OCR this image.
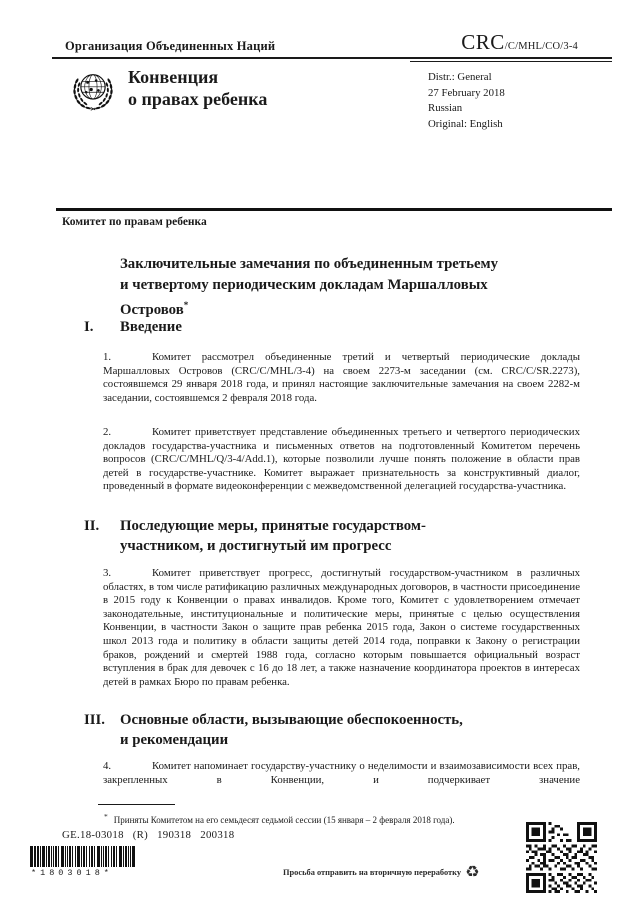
Организация Объединенных Наций	CRC/C/MHL/CO/3-4
Конвенция
о правах ребенка
Distr.: General
27 February 2018
Russian
Original: English
Комитет по правам ребенка
Заключительные замечания по объединенным третьему
и четвертому периодическим докладам Маршалловых
Островов*
I.	Введение
1.	Комитет рассмотрел объединенные третий и четвертый периодические доклады Маршалловых Островов (CRC/C/MHL/3-4) на своем 2273-м заседании (см. CRC/C/SR.2273), состоявшемся 29 января 2018 года, и принял настоящие заключительные замечания на своем 2282-м заседании, состоявшемся 2 февраля 2018 года.
2.	Комитет приветствует представление объединенных третьего и четвертого периодических докладов государства-участника и письменных ответов на подготовленный Комитетом перечень вопросов (CRC/C/MHL/Q/3-4/Add.1), которые позволили лучше понять положение в области прав детей в государстве-участнике. Комитет выражает признательность за конструктивный диалог, проведенный в формате видеоконференции с межведомственной делегацией государства-участника.
II.	Последующие меры, принятые государством-
участником, и достигнутый им прогресс
3.	Комитет приветствует прогресс, достигнутый государством-участником в различных областях, в том числе ратификацию различных международных договоров, в частности присоединение в 2015 году к Конвенции о правах инвалидов. Кроме того, Комитет с удовлетворением отмечает законодательные, институциональные и политические меры, принятые с целью осуществления Конвенции, в частности Закон о защите прав ребенка 2015 года, Закон о системе государственных школ 2013 года и политику в области защиты детей 2014 года, поправки к Закону о регистрации браков, рождений и смертей 1988 года, согласно которым повышается официальный возраст вступления в брак для девочек с 16 до 18 лет, а также назначение координатора проектов в интересах детей в рамках Бюро по правам ребенка.
III.	Основные области, вызывающие обеспокоенность,
и рекомендации
4.	Комитет напоминает государству-участнику о неделимости и взаимозависимости всех прав, закрепленных в Конвенции, и подчеркивает значение
* Приняты Комитетом на его семьдесят седьмой сессии (15 января – 2 февраля 2018 года).
GE.18-03018 (R) 190318 200318
*1803018*	Просьба отправить на вторичную переработку ♻
